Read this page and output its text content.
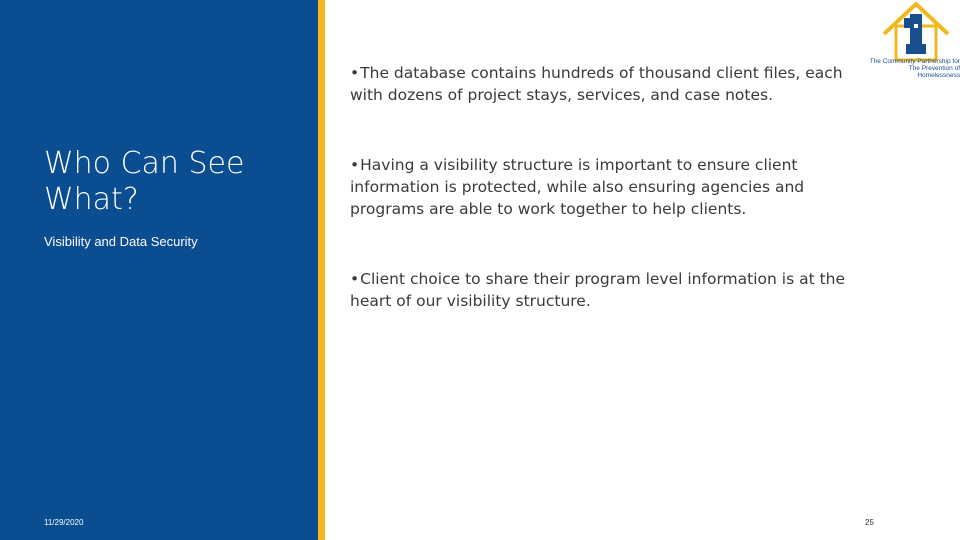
Who Can See What?
Visibility and Data Security
11/29/2020
•The database contains hundreds of thousand client files, each with dozens of project stays, services, and case notes.
•Having a visibility structure is important to ensure client information is protected, while also ensuring agencies and programs are able to work together to help clients.
•Client choice to share their program level information is at the heart of our visibility structure.
The Community Partnership for The Prevention of Homelessness
25
